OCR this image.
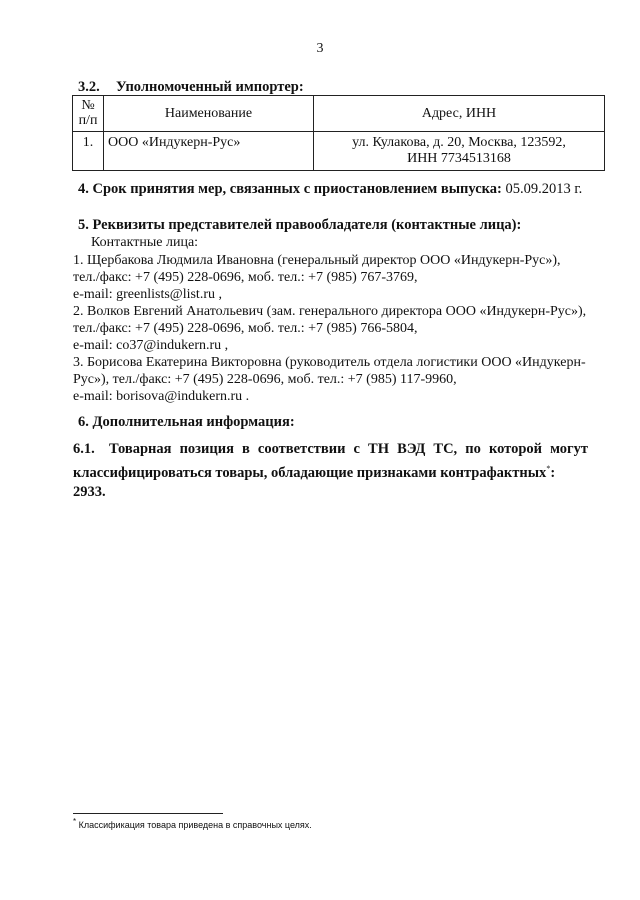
3
3.2. Уполномоченный импортер:
№
п/п	Наименование	Адрес, ИНН
1.	ООО «Индукерн-Рус»	ул. Кулакова, д. 20, Москва, 123592,
ИНН 7734513168
4. Срок принятия мер, связанных с приостановлением выпуска: 05.09.2013 г.
5. Реквизиты представителей правообладателя (контактные лица):
Контактные лица:
1. Щербакова Людмила Ивановна (генеральный директор ООО «Индукерн-Рус»),
тел./факс: +7 (495) 228-0696, моб. тел.: +7 (985) 767-3769,
e-mail: greenlists@list.ru ,
2. Волков Евгений Анатольевич (зам. генерального директора ООО «Индукерн-Рус»),
тел./факс: +7 (495) 228-0696, моб. тел.: +7 (985) 766-5804,
e-mail: co37@indukern.ru ,
3. Борисова Екатерина Викторовна (руководитель отдела логистики ООО «Индукерн-
Рус»), тел./факс: +7 (495) 228-0696, моб. тел.: +7 (985) 117-9960,
e-mail: borisova@indukern.ru .
6. Дополнительная информация:
6.1. Товарная позиция в соответствии с ТН ВЭД ТС, по которой могут
классифицироваться товары, обладающие признаками контрафактных*: 2933.
* Классификация товара приведена в справочных целях.
